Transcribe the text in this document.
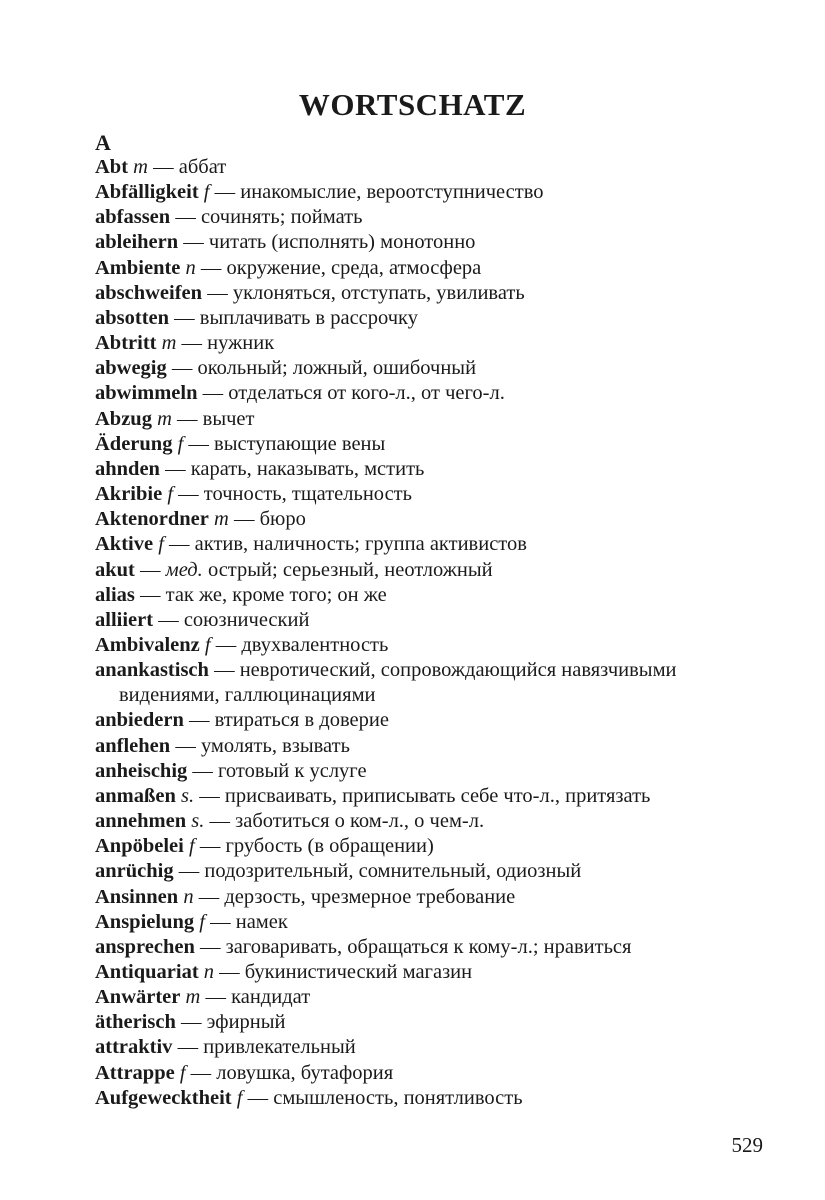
WORTSCHATZ
A
Abt m — аббат
Abfälligkeit f — инакомыслие, вероотступничество
abfassen — сочинять; поймать
ableihern — читать (исполнять) монотонно
Ambiente n — окружение, среда, атмосфера
abschweifen — уклоняться, отступать, увиливать
absotten — выплачивать в рассрочку
Abtritt m — нужник
abwegig — окольный; ложный, ошибочный
abwimmeln — отделаться от кого-л., от чего-л.
Abzug m — вычет
Äderung f — выступающие вены
ahnden — карать, наказывать, мстить
Akribie f — точность, тщательность
Aktenordner m — бюро
Aktive f — актив, наличность; группа активистов
akut — мед. острый; серьезный, неотложный
alias — так же, кроме того; он же
alliiert — союзнический
Ambivalenz f — двухвалентность
anankastisch — невротический, сопровождающийся навязчивыми видениями, галлюцинациями
anbiedern — втираться в доверие
anflehen — умолять, взывать
anheischig — готовый к услуге
anmaßen s. — присваивать, приписывать себе что-л., притязать
annehmen s. — заботиться о ком-л., о чем-л.
Anpöbelei f — грубость (в обращении)
anrüchig — подозрительный, сомнительный, одиозный
Ansinnen n — дерзость, чрезмерное требование
Anspielung f — намек
ansprechen — заговаривать, обращаться к кому-л.; нравиться
Antiquariat n — букинистический магазин
Anwärter m — кандидат
ätherisch — эфирный
attraktiv — привлекательный
Attrappe f — ловушка, бутафория
Aufgewecktheit f — смышленость, понятливость
529
